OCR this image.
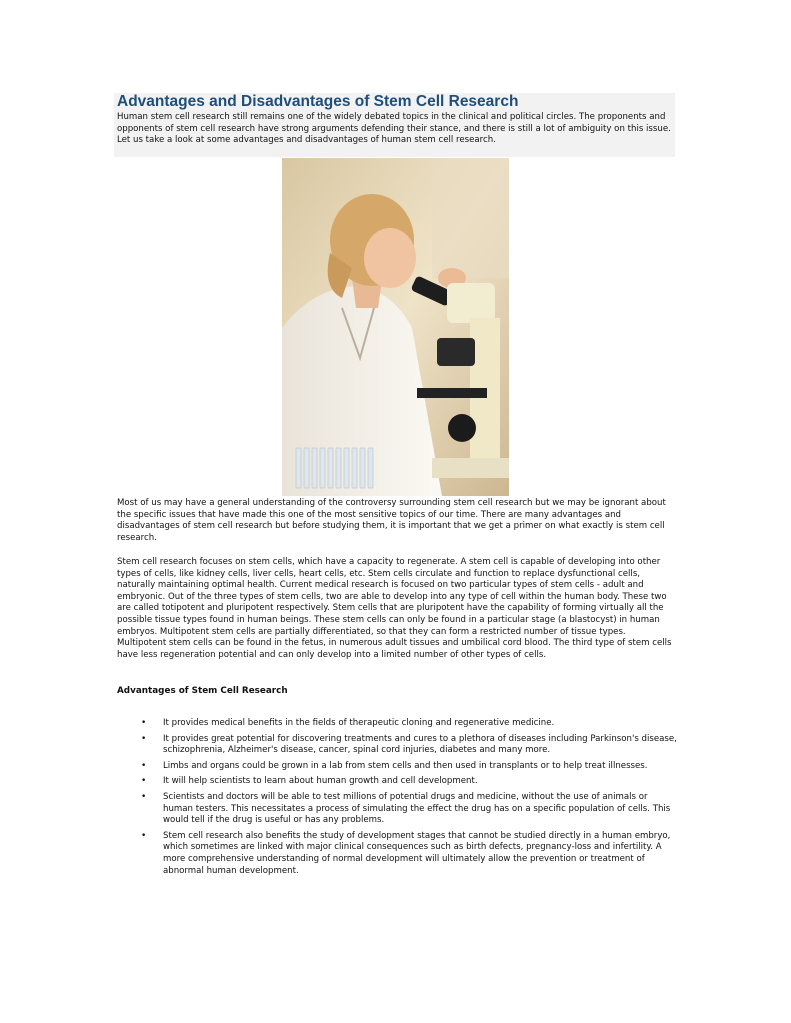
Advantages and Disadvantages of Stem Cell Research

Human stem cell research still remains one of the widely debated topics in the clinical and political circles. The proponents and opponents of stem cell research have strong arguments defending their stance, and there is still a lot of ambiguity on this issue. Let us take a look at some advantages and disadvantages of human stem cell research.

Most of us may have a general understanding of the controversy surrounding stem cell research but we may be ignorant about the specific issues that have made this one of the most sensitive topics of our time. There are many advantages and disadvantages of stem cell research but before studying them, it is important that we get a primer on what exactly is stem cell research.

Stem cell research focuses on stem cells, which have a capacity to regenerate. A stem cell is capable of developing into other types of cells, like kidney cells, liver cells, heart cells, etc. Stem cells circulate and function to replace dysfunctional cells, naturally maintaining optimal health. Current medical research is focused on two particular types of stem cells - adult and embryonic. Out of the three types of stem cells, two are able to develop into any type of cell within the human body. These two are called totipotent and pluripotent respectively. Stem cells that are pluripotent have the capability of forming virtually all the possible tissue types found in human beings. These stem cells can only be found in a particular stage (a blastocyst) in human embryos. Multipotent stem cells are partially differentiated, so that they can form a restricted number of tissue types. Multipotent stem cells can be found in the fetus, in numerous adult tissues and umbilical cord blood. The third type of stem cells have less regeneration potential and can only develop into a limited number of other types of cells.

Advantages of Stem Cell Research
• It provides medical benefits in the fields of therapeutic cloning and regenerative medicine.
• It provides great potential for discovering treatments and cures to a plethora of diseases including Parkinson's disease, schizophrenia, Alzheimer's disease, cancer, spinal cord injuries, diabetes and many more.
• Limbs and organs could be grown in a lab from stem cells and then used in transplants or to help treat illnesses.
• It will help scientists to learn about human growth and cell development.
• Scientists and doctors will be able to test millions of potential drugs and medicine, without the use of animals or human testers. This necessitates a process of simulating the effect the drug has on a specific population of cells. This would tell if the drug is useful or has any problems.
• Stem cell research also benefits the study of development stages that cannot be studied directly in a human embryo, which sometimes are linked with major clinical consequences such as birth defects, pregnancy-loss and infertility. A more comprehensive understanding of normal development will ultimately allow the prevention or treatment of abnormal human development.
